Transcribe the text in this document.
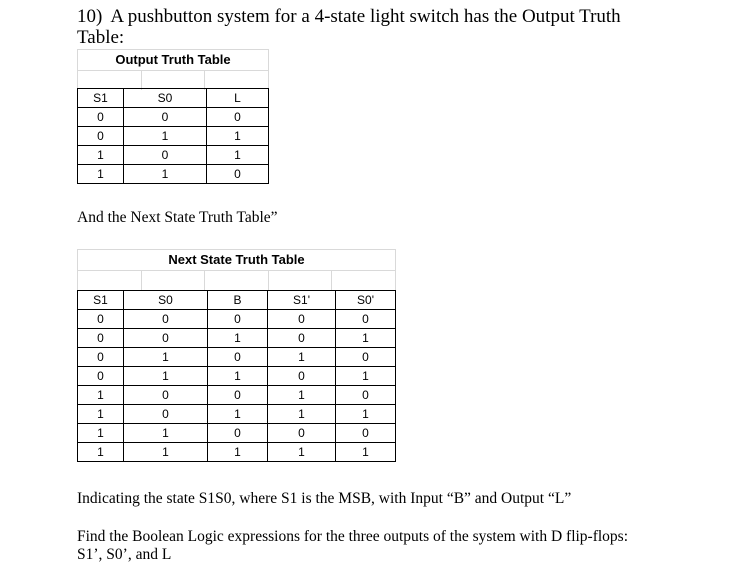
10) A pushbutton system for a 4-state light switch has the Output Truth
Table:
Output Truth Table
S1	S0	L
0	0	0
0	1	1
1	0	1
1	1	0
And the Next State Truth Table”
Next State Truth Table
S1	S0	B	S1'	S0'
0	0	0	0	0
0	0	1	0	1
0	1	0	1	0
0	1	1	0	1
1	0	0	1	0
1	0	1	1	1
1	1	0	0	0
1	1	1	1	1
Indicating the state S1S0, where S1 is the MSB, with Input “B” and Output “L”
Find the Boolean Logic expressions for the three outputs of the system with D flip-flops:
S1’, S0’, and L
